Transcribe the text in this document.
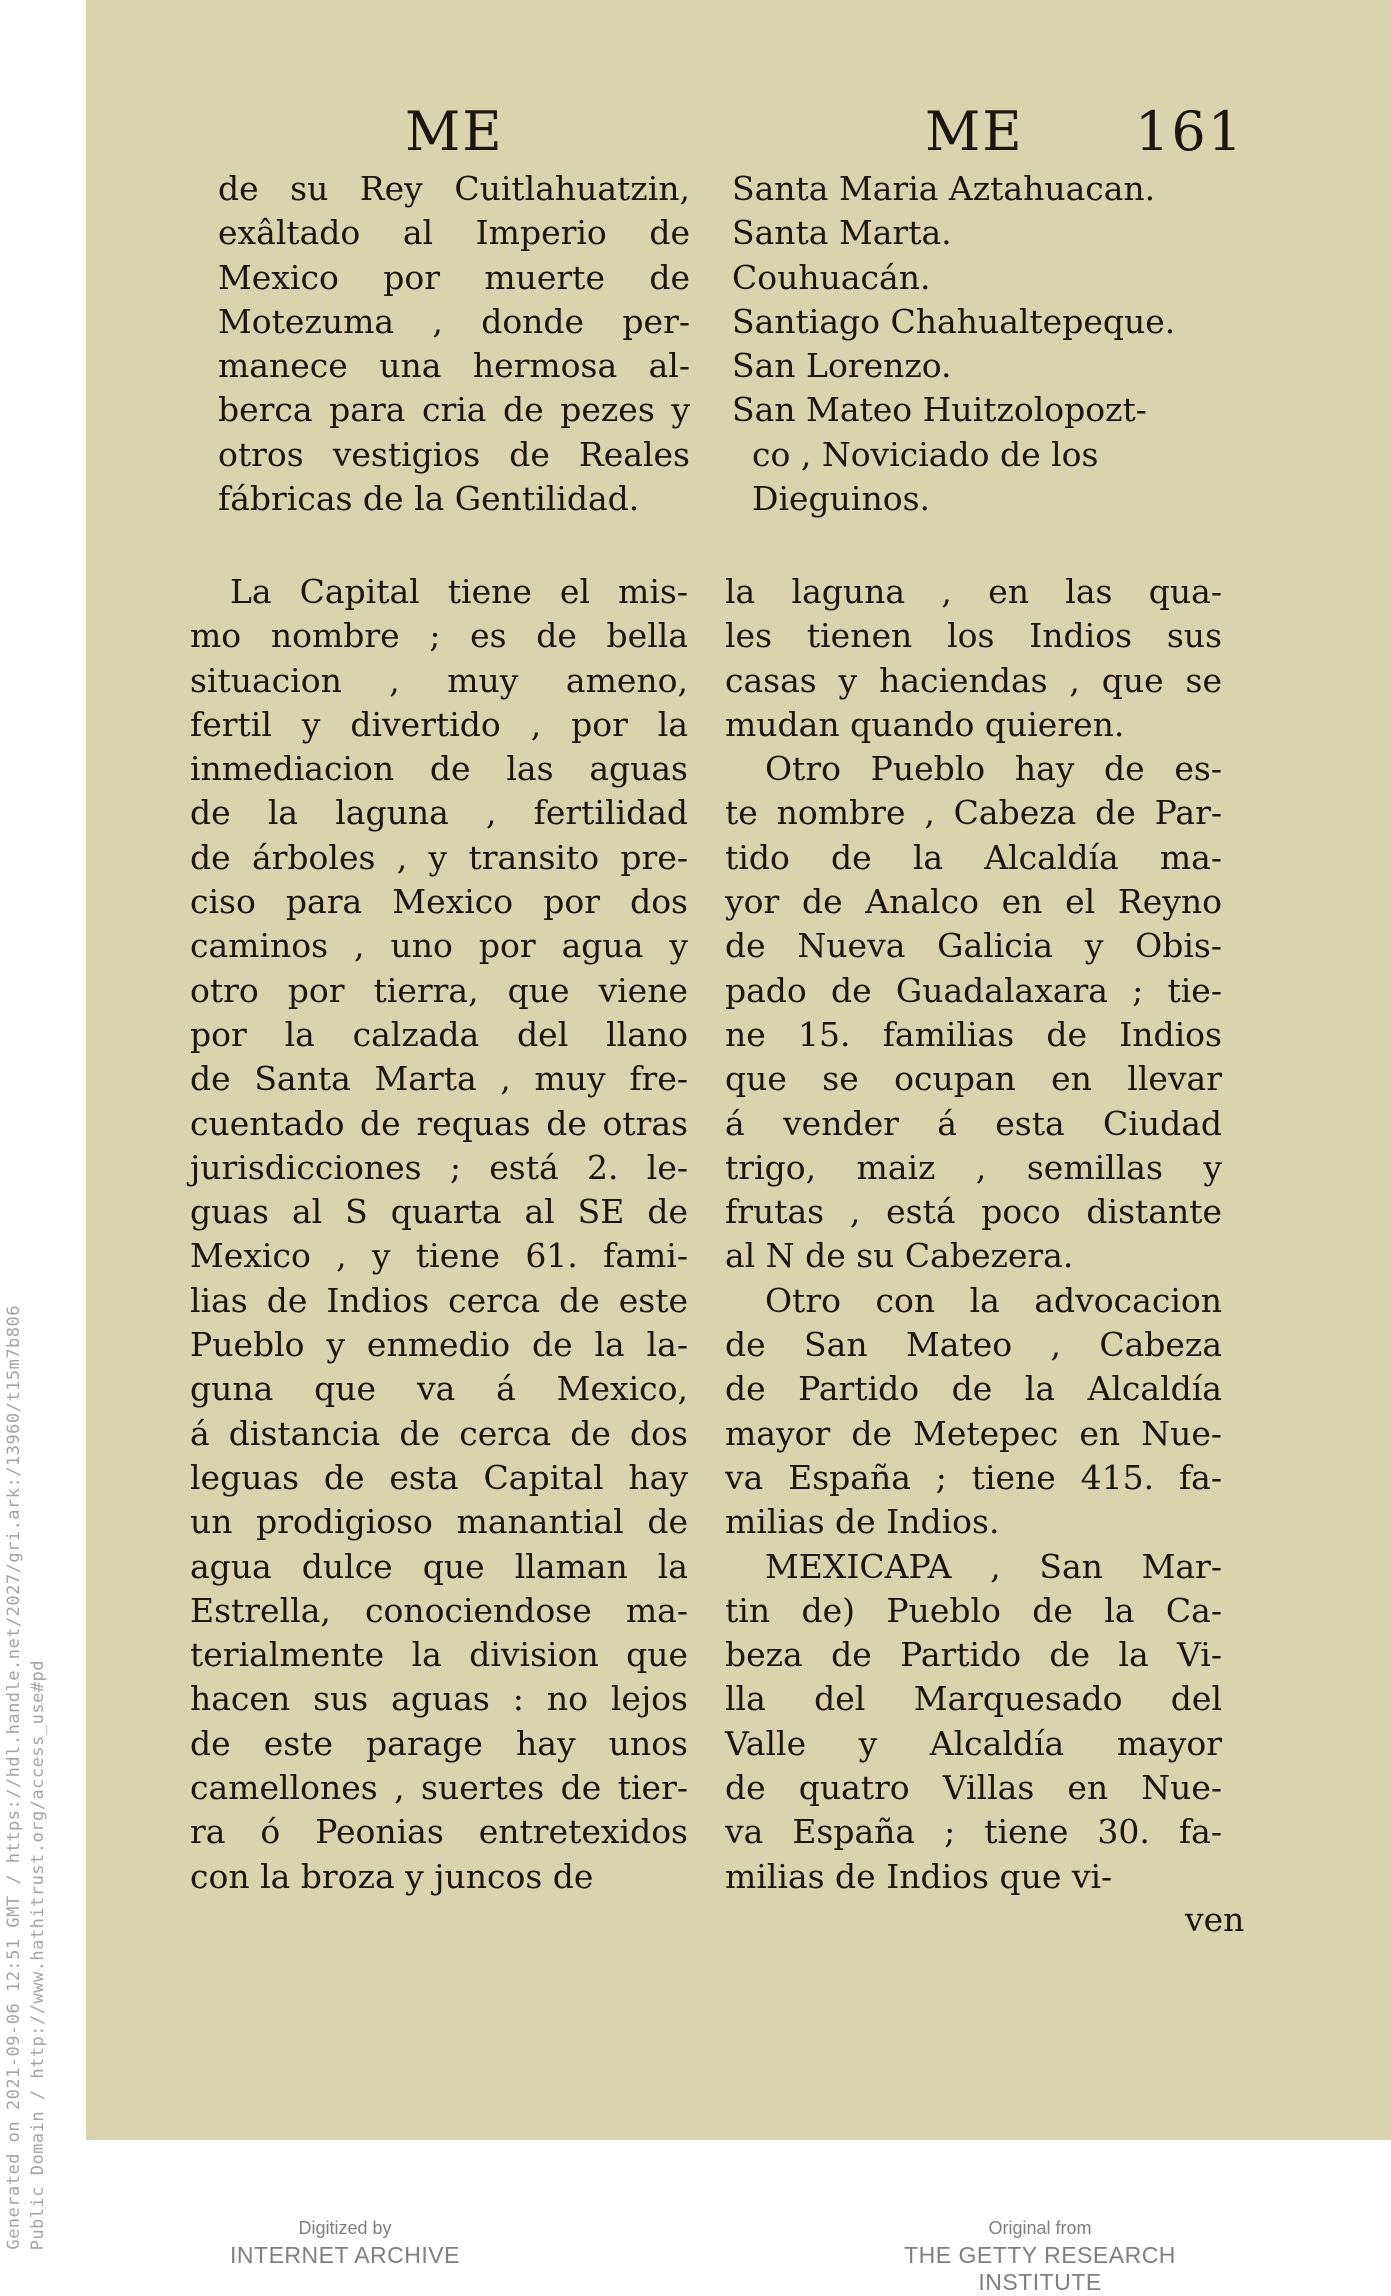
Generated on 2021-09-06 12:51 GMT / https://hdl.handle.net/2027/gri.ark:/13960/t15m7b806 Public Domain / http://www.hathitrust.org/access_use#pd
ME	ME 161
de su Rey Cuitlahuatzin,
exâltado al Imperio de
Mexico por muerte de
Motezuma , donde per-
manece una hermosa al-
berca para cria de pezes y
otros vestigios de Reales
fábricas de la Gentilidad.
La Capital tiene el mis-
mo nombre ; es de bella
situacion , muy ameno,
fertil y divertido , por la
inmediacion de las aguas
de la laguna , fertilidad
de árboles , y transito pre-
ciso para Mexico por dos
caminos , uno por agua y
otro por tierra, que viene
por la calzada del llano
de Santa Marta , muy fre-
cuentado de requas de otras
jurisdicciones ; está 2. le-
guas al S quarta al SE de
Mexico , y tiene 61. fami-
lias de Indios cerca de este
Pueblo y enmedio de la la-
guna que va á Mexico,
á distancia de cerca de dos
leguas de esta Capital hay
un prodigioso manantial de
agua dulce que llaman la
Estrella, conociendose ma-
terialmente la division que
hacen sus aguas : no lejos
de este parage hay unos
camellones , suertes de tier-
ra ó Peonias entretexidos
con la broza y juncos de
Santa Maria Aztahuacan.
Santa Marta.
Couhuacán.
Santiago Chahualtepeque.
San Lorenzo.
San Mateo Huitzolopozt-
co , Noviciado de los
Dieguinos.
la laguna , en las qua-
les tienen los Indios sus
casas y haciendas , que se
mudan quando quieren.
Otro Pueblo hay de es-
te nombre , Cabeza de Par-
tido de la Alcaldía ma-
yor de Analco en el Reyno
de Nueva Galicia y Obis-
pado de Guadalaxara ; tie-
ne 15. familias de Indios
que se ocupan en llevar
á vender á esta Ciudad
trigo, maiz , semillas y
frutas , está poco distante
al N de su Cabezera.
Otro con la advocacion
de San Mateo , Cabeza
de Partido de la Alcaldía
mayor de Metepec en Nue-
va España ; tiene 415. fa-
milias de Indios.
MEXICAPA , San Mar-
tin de) Pueblo de la Ca-
beza de Partido de la Vi-
lla del Marquesado del
Valle y Alcaldía mayor
de quatro Villas en Nue-
va España ; tiene 30. fa-
milias de Indios que vi-
ven
Digitized by
INTERNET ARCHIVE
Original from
THE GETTY RESEARCH INSTITUTE
